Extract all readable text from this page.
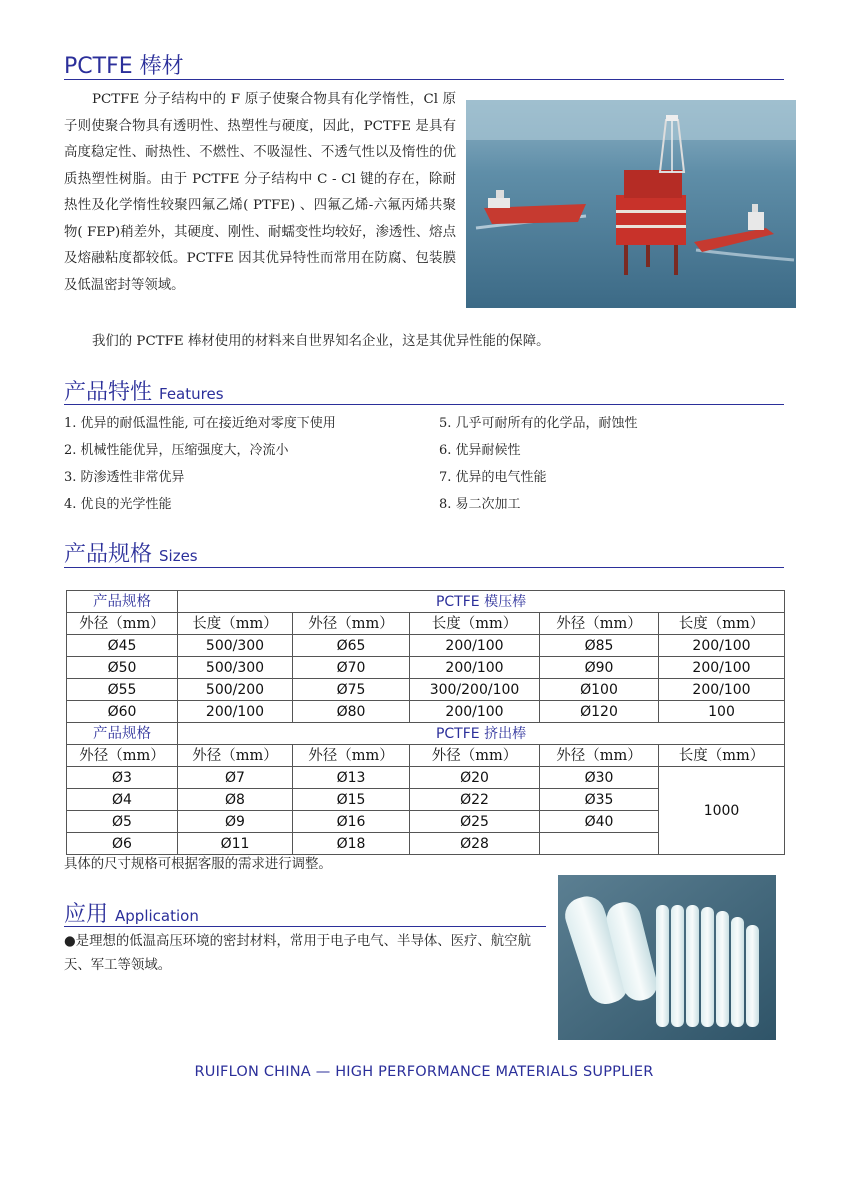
PCTFE 棒材
PCTFE 分子结构中的 F 原子使聚合物具有化学惰性，Cl 原子则使聚合物具有透明性、热塑性与硬度，因此，PCTFE 是具有高度稳定性、耐热性、不燃性、不吸湿性、不透气性以及惰性的优质热塑性树脂。由于 PCTFE 分子结构中 C - Cl 键的存在，除耐热性及化学惰性较聚四氟乙烯( PTFE) 、四氟乙烯-六氟丙烯共聚物( FEP)稍差外，其硬度、刚性、耐蠕变性均较好，渗透性、熔点及熔融粘度都较低。PCTFE 因其优异特性而常用在防腐、包装膜及低温密封等领域。
我们的 PCTFE 棒材使用的材料来自世界知名企业，这是其优异性能的保障。
产品特性 Features
1. 优异的耐低温性能, 可在接近绝对零度下使用
2. 机械性能优异，压缩强度大，冷流小
3. 防渗透性非常优异
4. 优良的光学性能
5. 几乎可耐所有的化学品，耐蚀性
6. 优异耐候性
7. 优异的电气性能
8. 易二次加工
产品规格 Sizes
产品规格	PCTFE 模压棒				
外径（mm）	长度（mm）	外径（mm）	长度（mm）	外径（mm）	长度（mm）
Ø45	500/300	Ø65	200/100	Ø85	200/100
Ø50	500/300	Ø70	200/100	Ø90	200/100
Ø55	500/200	Ø75	300/200/100	Ø100	200/100
Ø60	200/100	Ø80	200/100	Ø120	100
产品规格	PCTFE 挤出棒				
外径（mm）	外径（mm）	外径（mm）	外径（mm）	外径（mm）	长度（mm）
Ø3	Ø7	Ø13	Ø20	Ø30	1000
Ø4	Ø8	Ø15	Ø22	Ø35	
Ø5	Ø9	Ø16	Ø25	Ø40	
Ø6	Ø11	Ø18	Ø28		
具体的尺寸规格可根据客服的需求进行调整。
应用 Application
●是理想的低温高压环境的密封材料，常用于电子电气、半导体、医疗、航空航天、军工等领域。
RUIFLON CHINA — HIGH PERFORMANCE MATERIALS SUPPLIER
